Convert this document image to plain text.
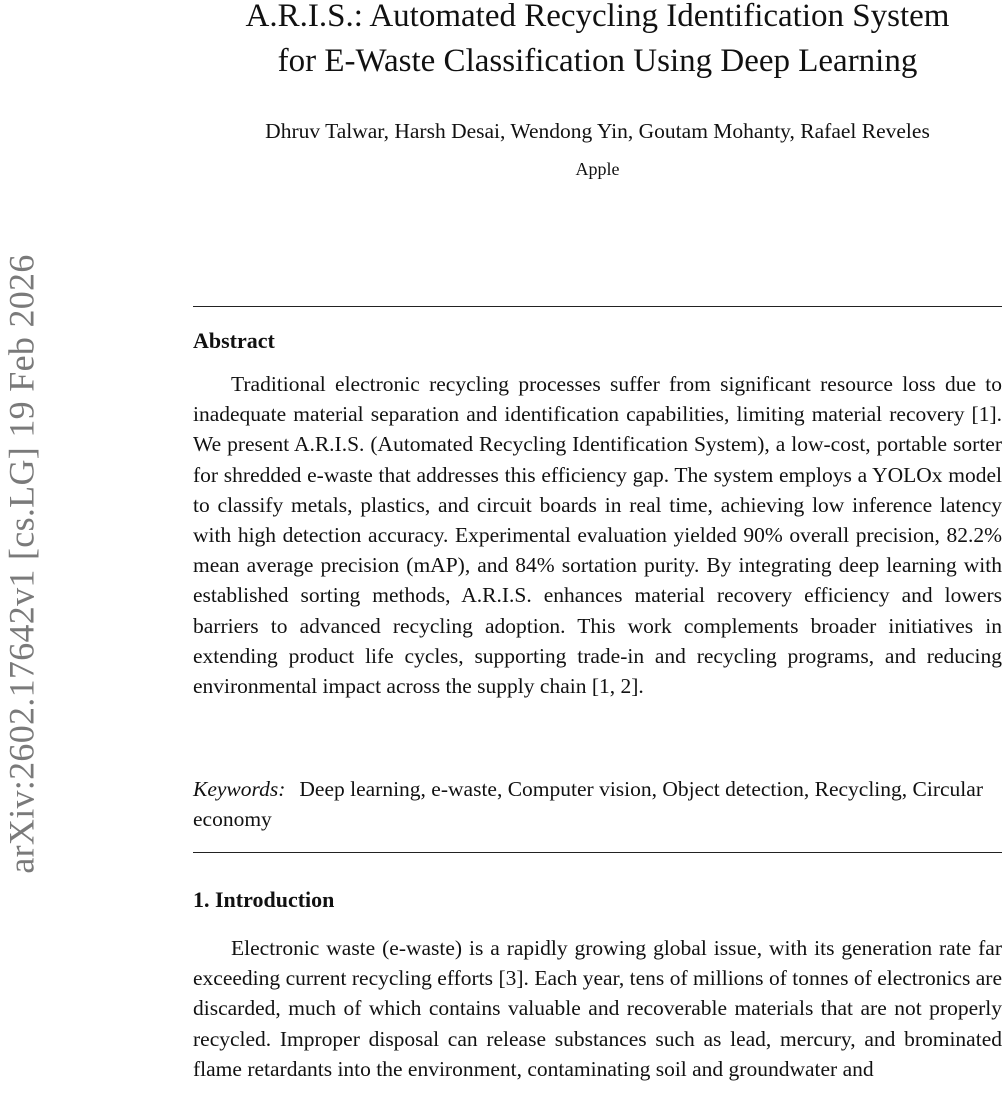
arXiv:2602.17642v1 [cs.LG] 19 Feb 2026
A.R.I.S.: Automated Recycling Identification System
for E-Waste Classification Using Deep Learning
Dhruv Talwar, Harsh Desai, Wendong Yin, Goutam Mohanty, Rafael Reveles
Apple
Abstract

Traditional electronic recycling processes suffer from significant resource loss due to inadequate material separation and identification capabilities, limiting material recovery [1]. We present A.R.I.S. (Automated Recycling Identification System), a low-cost, portable sorter for shredded e-waste that addresses this efficiency gap. The system employs a YOLOx model to classify metals, plastics, and circuit boards in real time, achieving low inference latency with high detection accuracy. Experimental evaluation yielded 90% overall precision, 82.2% mean average precision (mAP), and 84% sortation purity. By integrating deep learning with established sorting methods, A.R.I.S. enhances material recovery efficiency and lowers barriers to advanced recycling adoption. This work complements broader initiatives in extending product life cycles, supporting trade-in and recycling programs, and reducing environmental impact across the supply chain [1, 2].

Keywords: Deep learning, e-waste, Computer vision, Object detection, Recycling, Circular economy
1. Introduction

Electronic waste (e-waste) is a rapidly growing global issue, with its generation rate far exceeding current recycling efforts [3]. Each year, tens of millions of tonnes of electronics are discarded, much of which contains valuable and recoverable materials that are not properly recycled. Improper disposal can release substances such as lead, mercury, and brominated flame retardants into the environment, contaminating soil and groundwater and
